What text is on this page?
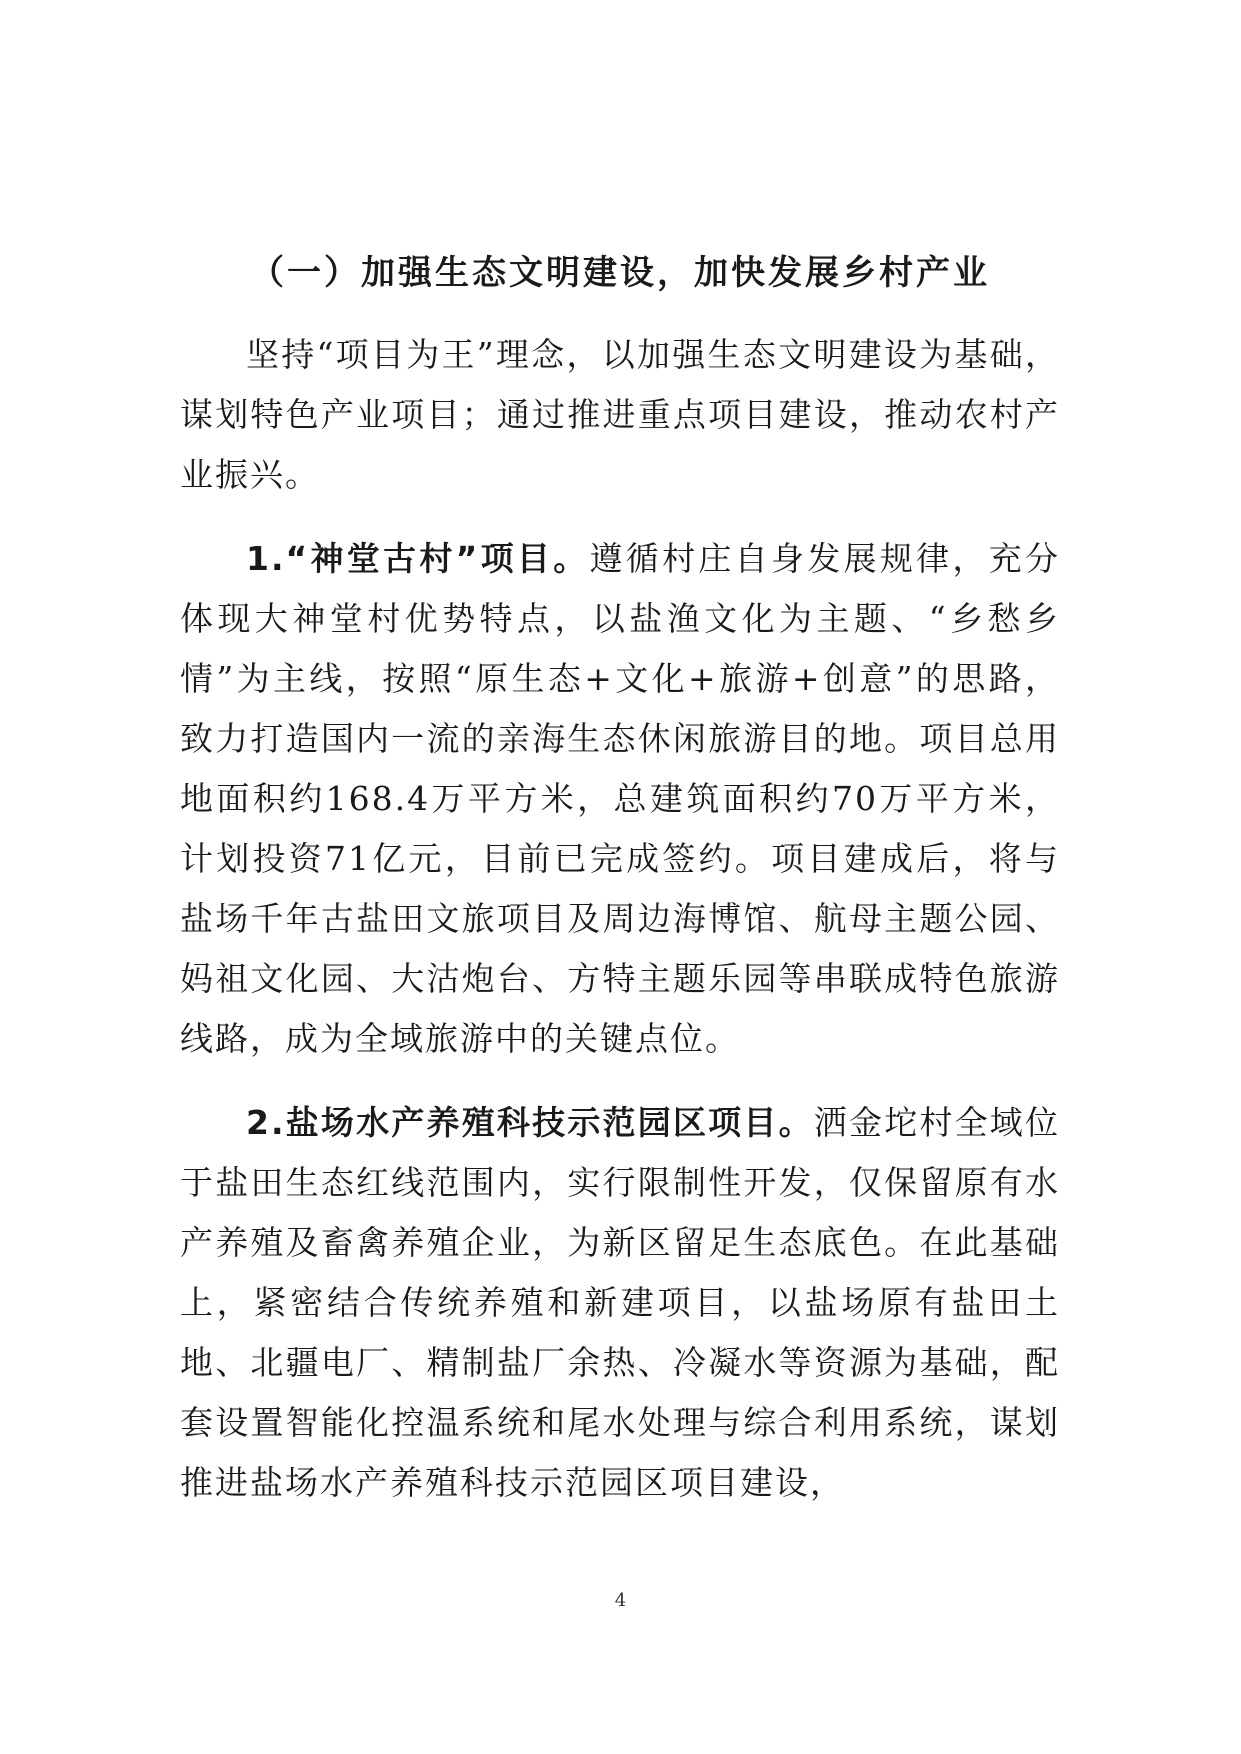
（一）加强生态文明建设，加快发展乡村产业

坚持“项目为王”理念，以加强生态文明建设为基础，谋划特色产业项目；通过推进重点项目建设，推动农村产业振兴。

1.“神堂古村”项目。遵循村庄自身发展规律，充分体现大神堂村优势特点，以盐渔文化为主题、“乡愁乡情”为主线，按照“原生态+文化+旅游+创意”的思路，致力打造国内一流的亲海生态休闲旅游目的地。项目总用地面积约168.4万平方米，总建筑面积约70万平方米，计划投资71亿元，目前已完成签约。项目建成后，将与盐场千年古盐田文旅项目及周边海博馆、航母主题公园、妈祖文化园、大沽炮台、方特主题乐园等串联成特色旅游线路，成为全域旅游中的关键点位。

2.盐场水产养殖科技示范园区项目。洒金坨村全域位于盐田生态红线范围内，实行限制性开发，仅保留原有水产养殖及畜禽养殖企业，为新区留足生态底色。在此基础上，紧密结合传统养殖和新建项目，以盐场原有盐田土地、北疆电厂、精制盐厂余热、冷凝水等资源为基础，配套设置智能化控温系统和尾水处理与综合利用系统，谋划推进盐场水产养殖科技示范园区项目建设，

4
